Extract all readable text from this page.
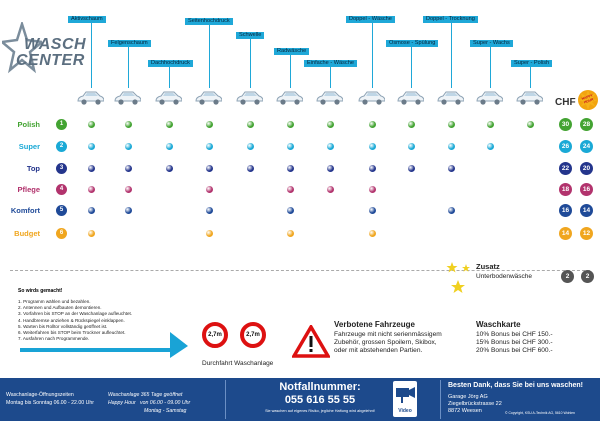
WASCH
CENTER
Aktivschaum
Felgenschaum
Dachhochdruck
Seitenhochdruck
Schwelle
Radwäsche
Einfache - Wäsche
Doppel - Wäsche
Osmose - Spülung
Doppel - Trocknung
Super - Wachs
Super - Polish
CHF	HAPPY HOUR
Polish	1	30	28
Super	2	26	24
Top	3	22	20
Pflege	4	18	16
Komfort	5	16	14
Budget	6	14	12
Zusatz
Unterbodenwäsche	2	2
So wirds gemacht!
1. Programm wählen und bezahlen.
2. Antennen und Aufbauten demontieren.
3. Vorfahren bis STOP an der Waschanlage aufleuchtet.
4. Handbremse anziehen & Rückspiegel einklappen.
5. Warten bis Rolltor vollständig geöffnet ist.
6. Weiterfahren bis STOP beim Trockner aufleuchtet.
7. Ausfahren nach Programmende.
2,7m	2,7m
Durchfahrt Waschanlage
Verbotene Fahrzeuge
Fahrzeuge mit nicht serienmässigem
Zubehör, grossen Spoilern, Skibox,
oder mit abstehenden Partien.
Waschkarte
10% Bonus bei CHF 150.-
15% Bonus bei CHF 300.-
20% Bonus bei CHF 600.-
Waschanlage-Öffnungszeiten
Montag bis Sonntag 06.00 - 22.00 Uhr
Waschanlage 365 Tage geöffnet
Happy Hour von 06.00 - 09.00 Uhr
Montag - Samstag
Notfallnummer:
055 616 55 55
Sie waschen auf eigenes Risiko, jegliche Haftung wird abgelehnt!	Video
Besten Dank, dass Sie bei uns waschen!
Garage Jörg AG
Ziegelbrückstrasse 22
8872 Weesen	© Copyright, KSU A-Technik AG, 5610 Wohlen
